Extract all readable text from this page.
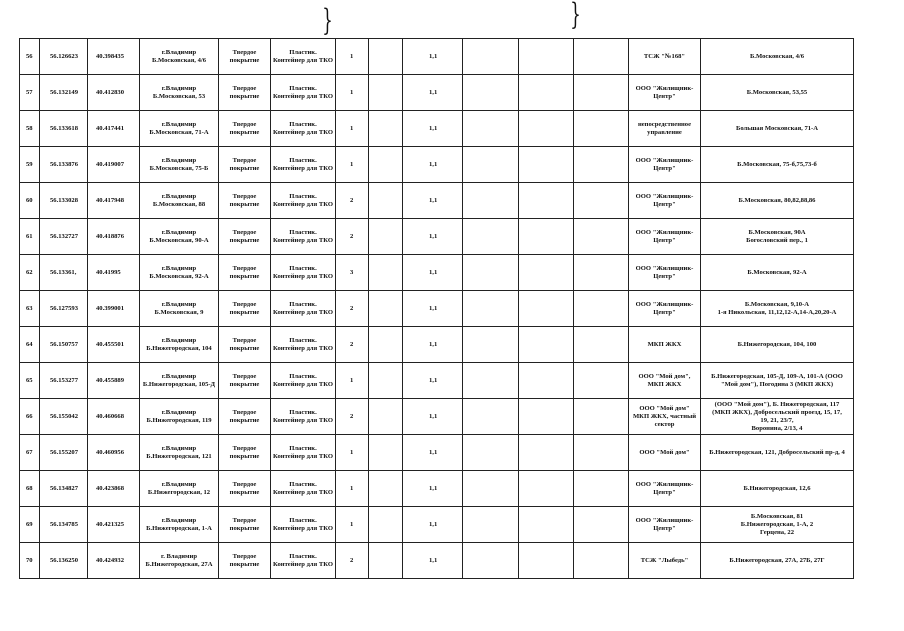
}	}
56	56.126623	40.398435	г.Владимир
Б.Московская, 4/6	Твердое
покрытие	Пластик.
Контейнер для ТКО	1		1,1				ТСЖ "№168"	Б.Московская, 4/6
57	56.132149	40.412830	г.Владимир
Б.Московская, 53	Твердое
покрытие	Пластик.
Контейнер для ТКО	1		1,1				ООО "Жилищник-
Центр"	Б.Московская, 53,55
58	56.133618	40.417441	г.Владимир
Б.Московская, 71-А	Твердое
покрытие	Пластик.
Контейнер для ТКО	1		1,1				непосредственное
управление	Большая Московская, 71-А
59	56.133876	40.419007	г.Владимир
Б.Московская, 75-Б	Твердое
покрытие	Пластик.
Контейнер для ТКО	1		1,1				ООО "Жилищник-
Центр"	Б.Московская, 75-б,75,73-б
60	56.133028	40.417948	г.Владимир
Б.Московская, 88	Твердое
покрытие	Пластик.
Контейнер для ТКО	2		1,1				ООО "Жилищник-
Центр"	Б.Московская, 80,82,88,86
61	56.132727	40.418876	г.Владимир
Б.Московская, 90-А	Твердое
покрытие	Пластик.
Контейнер для ТКО	2		1,1				ООО "Жилищник-
Центр"	Б.Московская, 90А
Богословский пер., 1
62	56.13361,	40.41995	г.Владимир
Б.Московская, 92-А	Твердое
покрытие	Пластик.
Контейнер для ТКО	3		1,1				ООО "Жилищник-
Центр"	Б.Московская, 92-А
63	56.127593	40.399001	г.Владимир
Б.Московская, 9	Твердое
покрытие	Пластик.
Контейнер для ТКО	2		1,1				ООО "Жилищник-
Центр"	Б.Московская, 9,10-А
1-я Никольская, 11,12,12-А,14-А,20,20-А
64	56.150757	40.455501	г.Владимир
Б.Нижегородская, 104	Твердое
покрытие	Пластик.
Контейнер для ТКО	2		1,1				МКП ЖКХ	Б.Нижегородская, 104, 100
65	56.153277	40.455889	г.Владимир
Б.Нижегородская, 105-Д	Твердое
покрытие	Пластик.
Контейнер для ТКО	1		1,1				ООО "Мой дом",
МКП ЖКХ	Б.Нижегородская, 105-Д, 109-А, 101-А (ООО
"Мой дом"), Погодина 3 (МКП ЖКХ)
66	56.155042	40.460668	г.Владимир
Б.Нижегородская, 119	Твердое
покрытие	Пластик.
Контейнер для ТКО	2		1,1				ООО "Мой дом"
МКП ЖКХ, частный
сектор	(ООО "Мой дом"), Б. Нижегородская, 117
(МКП ЖКХ), Добросельский проезд, 15, 17,
19, 21, 23/7,
Воронина, 2/13, 4
67	56.155207	40.460956	г.Владимир
Б.Нижегородская, 121	Твердое
покрытие	Пластик.
Контейнер для ТКО	1		1,1				ООО "Мой дом"	Б.Нижегородская, 121, Добросельский пр-д, 4
68	56.134827	40.423868	г.Владимир
Б.Нижегородская, 12	Твердое
покрытие	Пластик.
Контейнер для ТКО	1		1,1				ООО "Жилищник-
Центр"	Б.Нижегородская, 12,6
69	56.134785	40.421325	г.Владимир
Б.Нижегородская, 1-А	Твердое
покрытие	Пластик.
Контейнер для ТКО	1		1,1				ООО "Жилищник-
Центр"	Б.Московская, 81
Б.Нижегородская, 1-А, 2
Герцена, 22
70	56.136250	40.424932	г. Владимир
Б.Нижегородская, 27А	Твердое
покрытие	Пластик.
Контейнер для ТКО	2		1,1				ТСЖ "Лыбедь"	Б.Нижегородская, 27А, 27Б, 27Г
